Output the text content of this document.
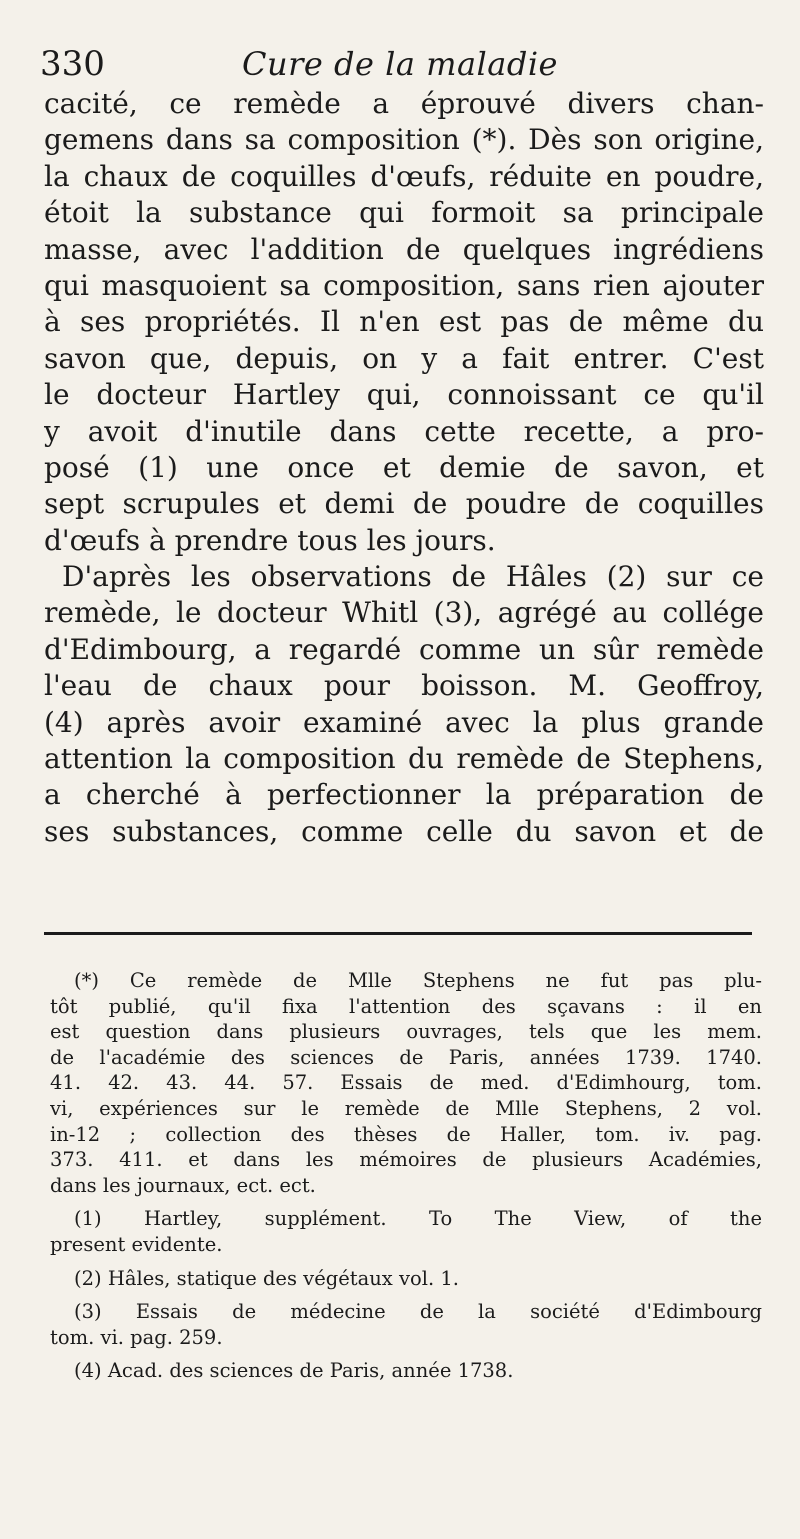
330	Cure de la maladie
cacité, ce remède a éprouvé divers chan-
gemens dans sa composition (*). Dès son origine,
la chaux de coquilles d'œufs, réduite en poudre,
étoit la substance qui formoit sa principale
masse, avec l'addition de quelques ingrédiens
qui masquoient sa composition, sans rien ajouter
à ses propriétés. Il n'en est pas de même du
savon que, depuis, on y a fait entrer. C'est
le docteur Hartley qui, connoissant ce qu'il
y avoit d'inutile dans cette recette, a pro-
posé (1) une once et demie de savon, et
sept scrupules et demi de poudre de coquilles
d'œufs à prendre tous les jours.
D'après les observations de Hâles (2) sur ce
remède, le docteur Whitl (3), agrégé au collége
d'Edimbourg, a regardé comme un sûr remède
l'eau de chaux pour boisson. M. Geoffroy,
(4) après avoir examiné avec la plus grande
attention la composition du remède de Stephens,
a cherché à perfectionner la préparation de
ses substances, comme celle du savon et de
(*) Ce remède de Mlle Stephens ne fut pas plu-
tôt publié, qu'il fixa l'attention des sçavans : il en
est question dans plusieurs ouvrages, tels que les mem.
de l'académie des sciences de Paris, années 1739. 1740.
41. 42. 43. 44. 57. Essais de med. d'Edimhourg, tom.
vi, expériences sur le remède de Mlle Stephens, 2 vol.
in-12 ; collection des thèses de Haller, tom. iv. pag.
373. 411. et dans les mémoires de plusieurs Académies,
dans les journaux, ect. ect.
(1) Hartley, supplément. To The View, of the
present evidente.
(2) Hâles, statique des végétaux vol. 1.
(3) Essais de médecine de la société d'Edimbourg
tom. vi. pag. 259.
(4) Acad. des sciences de Paris, année 1738.
